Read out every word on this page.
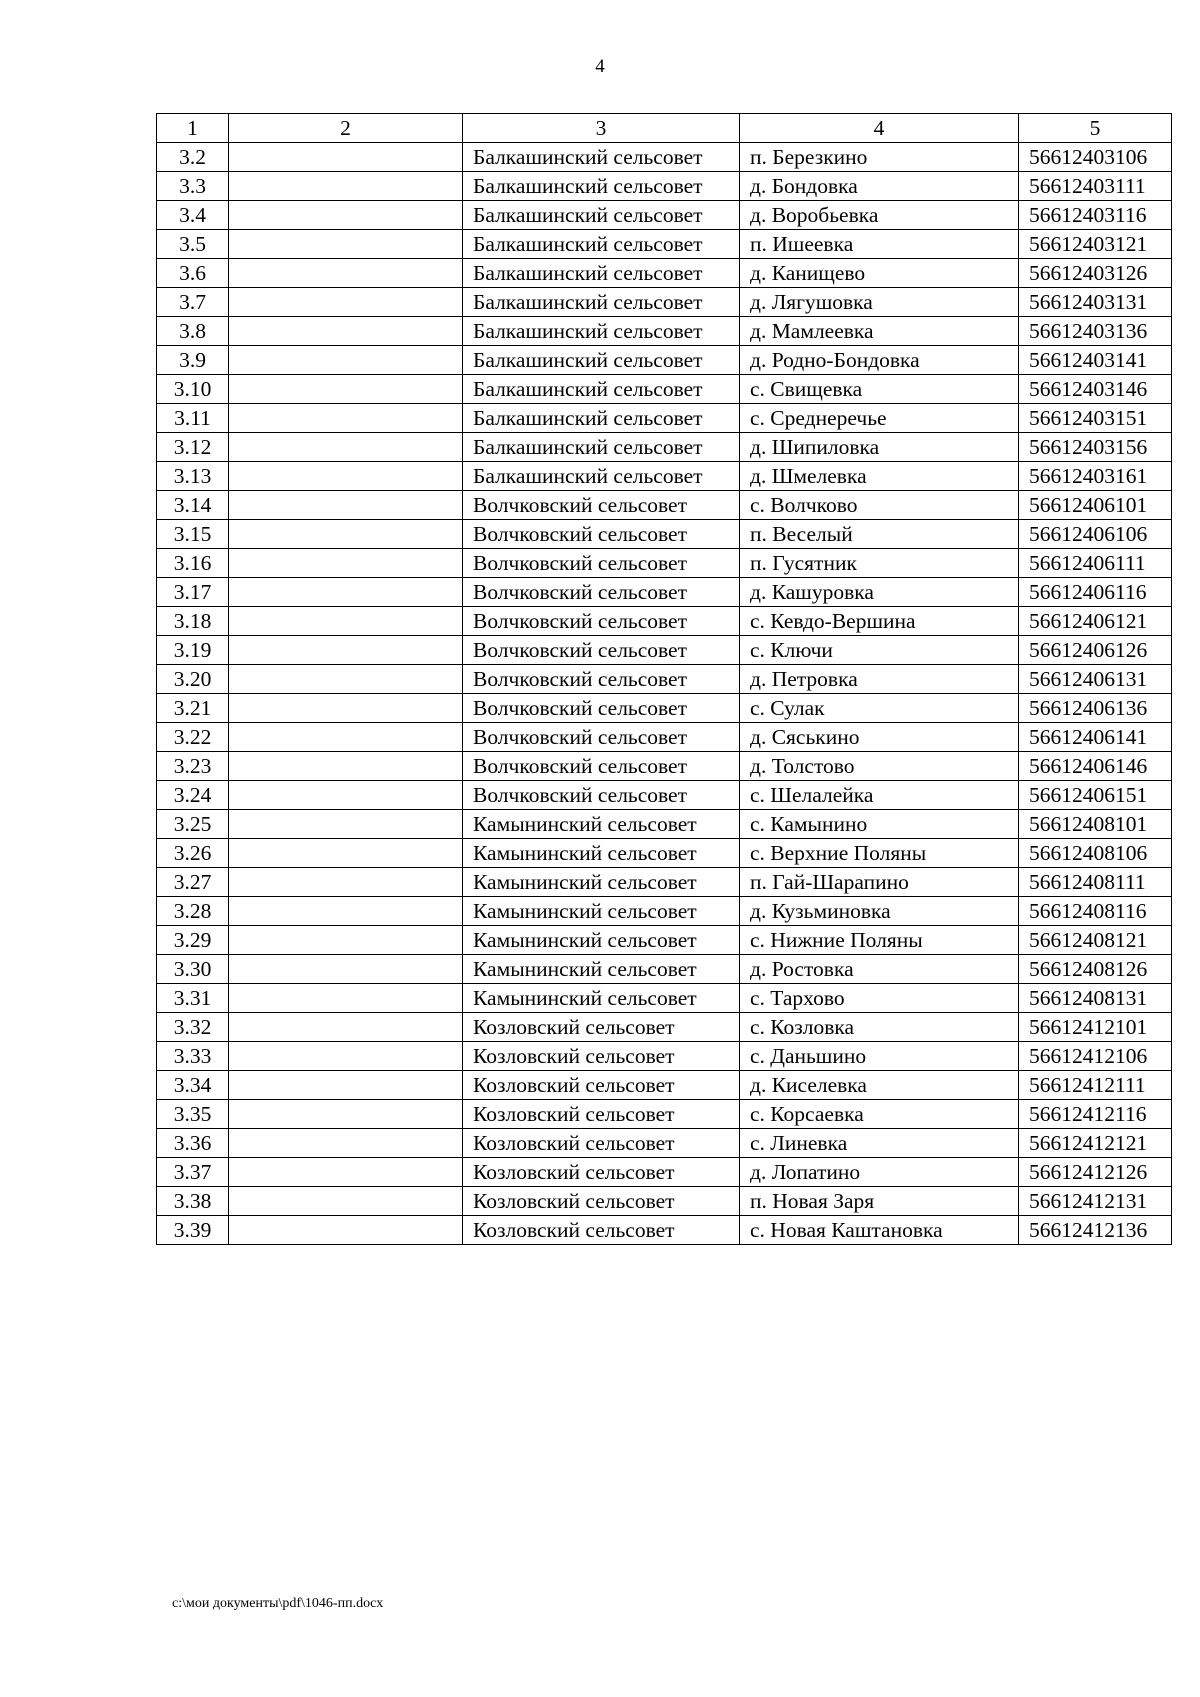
4
1	2	3	4	5
3.2		Балкашинский сельсовет	п. Березкино	56612403106
3.3		Балкашинский сельсовет	д. Бондовка	56612403111
3.4		Балкашинский сельсовет	д. Воробьевка	56612403116
3.5		Балкашинский сельсовет	п. Ишеевка	56612403121
3.6		Балкашинский сельсовет	д. Канищево	56612403126
3.7		Балкашинский сельсовет	д. Лягушовка	56612403131
3.8		Балкашинский сельсовет	д. Мамлеевка	56612403136
3.9		Балкашинский сельсовет	д. Родно-Бондовка	56612403141
3.10		Балкашинский сельсовет	с. Свищевка	56612403146
3.11		Балкашинский сельсовет	с. Среднеречье	56612403151
3.12		Балкашинский сельсовет	д. Шипиловка	56612403156
3.13		Балкашинский сельсовет	д. Шмелевка	56612403161
3.14		Волчковский сельсовет	с. Волчково	56612406101
3.15		Волчковский сельсовет	п. Веселый	56612406106
3.16		Волчковский сельсовет	п. Гусятник	56612406111
3.17		Волчковский сельсовет	д. Кашуровка	56612406116
3.18		Волчковский сельсовет	с. Кевдо-Вершина	56612406121
3.19		Волчковский сельсовет	с. Ключи	56612406126
3.20		Волчковский сельсовет	д. Петровка	56612406131
3.21		Волчковский сельсовет	с. Сулак	56612406136
3.22		Волчковский сельсовет	д. Сяськино	56612406141
3.23		Волчковский сельсовет	д. Толстово	56612406146
3.24		Волчковский сельсовет	с. Шелалейка	56612406151
3.25		Камынинский сельсовет	с. Камынино	56612408101
3.26		Камынинский сельсовет	с. Верхние Поляны	56612408106
3.27		Камынинский сельсовет	п. Гай-Шарапино	56612408111
3.28		Камынинский сельсовет	д. Кузьминовка	56612408116
3.29		Камынинский сельсовет	с. Нижние Поляны	56612408121
3.30		Камынинский сельсовет	д. Ростовка	56612408126
3.31		Камынинский сельсовет	с. Тархово	56612408131
3.32		Козловский сельсовет	с. Козловка	56612412101
3.33		Козловский сельсовет	с. Даньшино	56612412106
3.34		Козловский сельсовет	д. Киселевка	56612412111
3.35		Козловский сельсовет	с. Корсаевка	56612412116
3.36		Козловский сельсовет	с. Линевка	56612412121
3.37		Козловский сельсовет	д. Лопатино	56612412126
3.38		Козловский сельсовет	п. Новая Заря	56612412131
3.39		Козловский сельсовет	с. Новая Каштановка	56612412136
c:\мои документы\pdf\1046-пп.docx
